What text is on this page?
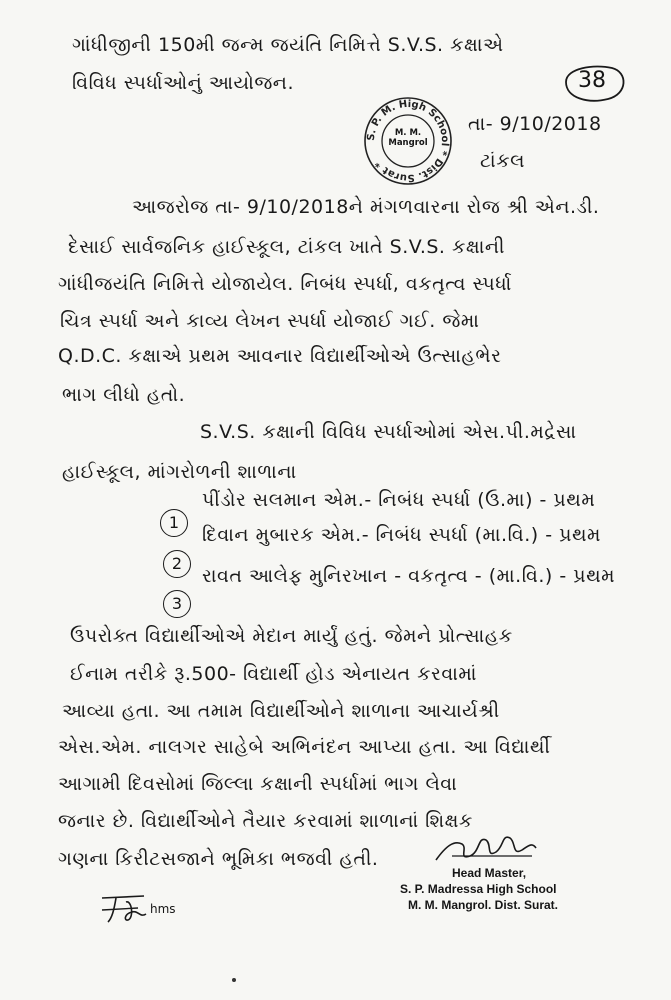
ગાંધીજીની 150મી જન્મ જયંતિ નિમિત્તે S.V.S. કક્ષાએ
વિવિધ સ્પર્ધાઓનું આયોજન.	38
S. P. M. High School * Dist. Surat *
M. M.
Mangrol
તા- 9/10/2018
ટાંકલ
આજરોજ તા- 9/10/2018ને મંગળવારના રોજ શ્રી એન.ડી.
દેસાઈ સાર્વજનિક હાઈસ્કૂલ, ટાંકલ ખાતે S.V.S. કક્ષાની
ગાંધીજયંતિ નિમિત્તે યોજાયેલ. નિબંધ સ્પર્ધા, વકતૃત્વ સ્પર્ધા
ચિત્ર સ્પર્ધા અને કાવ્ય લેખન સ્પર્ધા યોજાઈ ગઈ. જેમા
Q.D.C. કક્ષાએ પ્રથમ આવનાર વિદ્યાર્થીઓએ ઉત્સાહભેર
ભાગ લીધો હતો.
S.V.S. કક્ષાની વિવિધ સ્પર્ધાઓમાં એસ.પી.મદ્રેસા
હાઈસ્કૂલ, માંગરોળની શાળાના
1
પીંડોર સલમાન એમ.- નિબંધ સ્પર્ધા (ઉ.મા) - પ્રથમ
2
દિવાન મુબારક એમ.- નિબંધ સ્પર્ધા (મા.વિ.) - પ્રથમ
3
રાવત આલેફ મુનિરખાન - વકતૃત્વ - (મા.વિ.) - પ્રથમ
ઉપરોક્ત વિદ્યાર્થીઓએ મેદાન માર્યું હતું. જેમને પ્રોત્સાહક
ઈનામ તરીકે રૂ.500- વિદ્યાર્થી હોડ એનાયત કરવામાં
આવ્યા હતા. આ તમામ વિદ્યાર્થીઓને શાળાના આચાર્યશ્રી
એસ.એમ. નાલગર સાહેબે અભિનંદન આપ્યા હતા. આ વિદ્યાર્થી
આગામી દિવસોમાં જિલ્લા કક્ષાની સ્પર્ધામાં ભાગ લેવા
જનાર છે. વિદ્યાર્થીઓને તૈયાર કરવામાં શાળાનાં શિક્ષક
ગણના કિરીટસજાને ભૂમિકા ભજવી હતી.
Head Master,
S. P. Madressa High School
M. M. Mangrol. Dist. Surat.
hms
